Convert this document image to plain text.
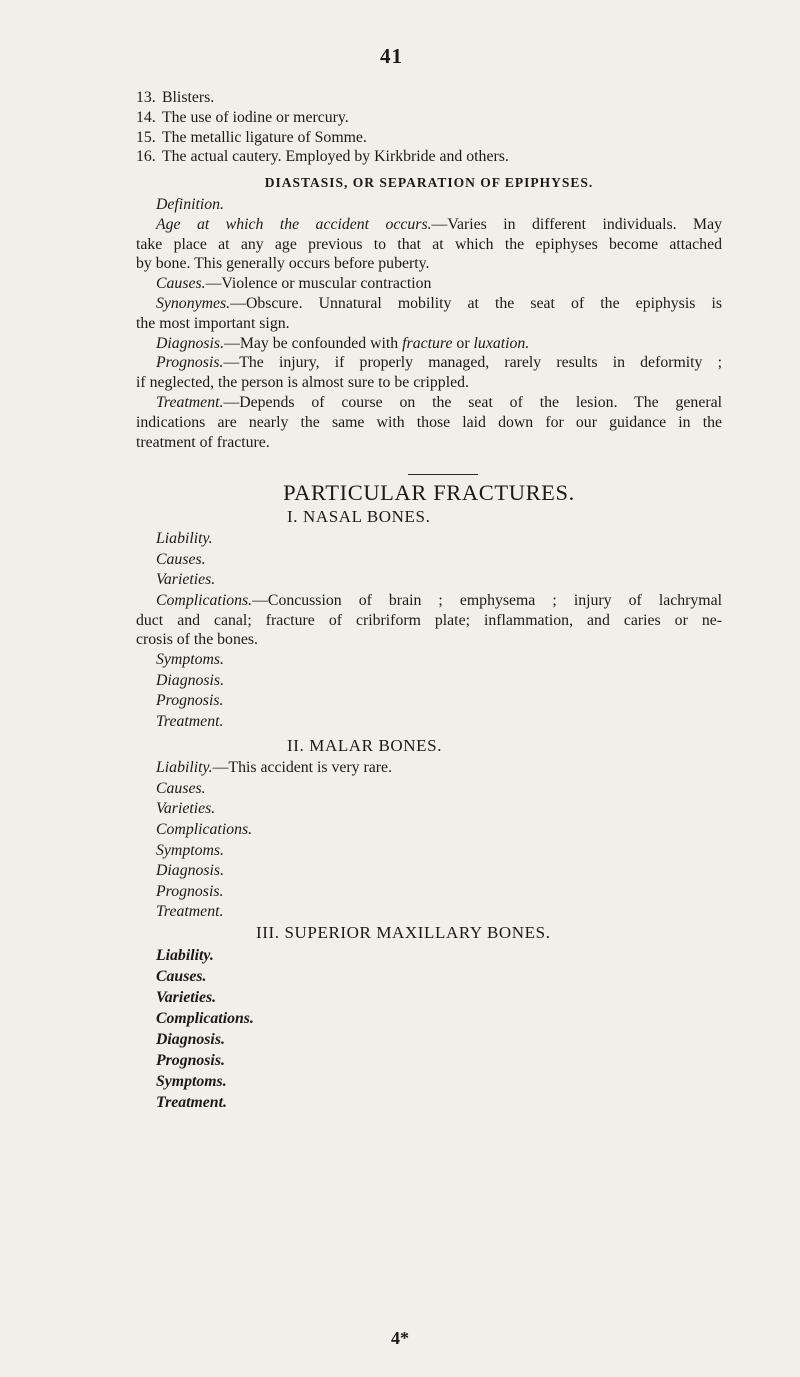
41
13. Blisters.
14. The use of iodine or mercury.
15. The metallic ligature of Somme.
16. The actual cautery. Employed by Kirkbride and others.
DIASTASIS, OR SEPARATION OF EPIPHYSES.
Definition.
Age at which the accident occurs.—Varies in different individuals. May
take place at any age previous to that at which the epiphyses become attached
by bone. This generally occurs before puberty.
Causes.—Violence or muscular contraction
Synonymes.—Obscure. Unnatural mobility at the seat of the epiphysis is
the most important sign.
Diagnosis.—May be confounded with fracture or luxation.
Prognosis.—The injury, if properly managed, rarely results in deformity ;
if neglected, the person is almost sure to be crippled.
Treatment.—Depends of course on the seat of the lesion. The general
indications are nearly the same with those laid down for our guidance in the
treatment of fracture.
PARTICULAR FRACTURES.
I. NASAL BONES.
Liability.
Causes.
Varieties.
Complications.—Concussion of brain ; emphysema ; injury of lachrymal
duct and canal; fracture of cribriform plate; inflammation, and caries or ne-
crosis of the bones.
Symptoms.
Diagnosis.
Prognosis.
Treatment.
II. MALAR BONES.
Liability.—This accident is very rare.
Causes.
Varieties.
Complications.
Symptoms.
Diagnosis.
Prognosis.
Treatment.
III. SUPERIOR MAXILLARY BONES.
Liability.
Causes.
Varieties.
Complications.
Diagnosis.
Prognosis.
Symptoms.
Treatment.
4*
